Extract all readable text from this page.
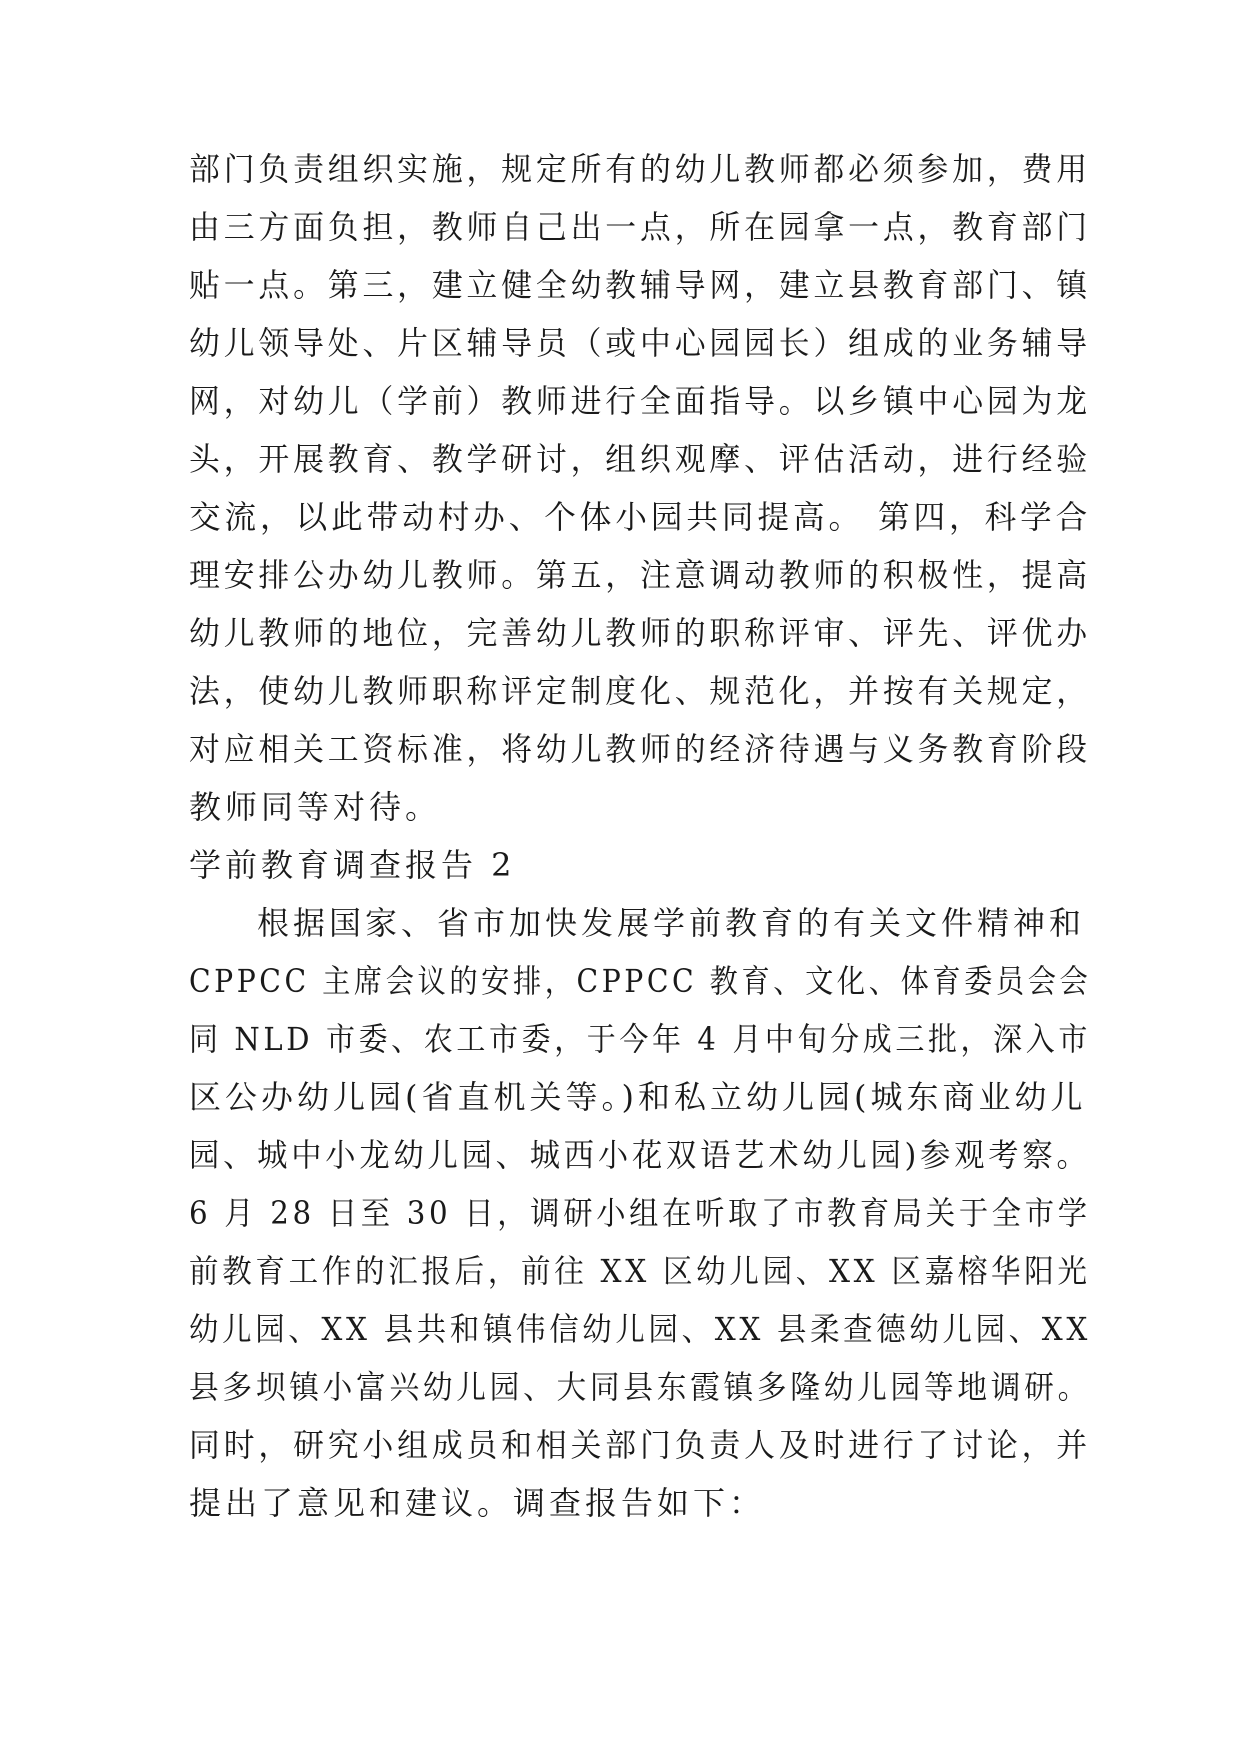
部门负责组织实施，规定所有的幼儿教师都必须参加，费用
由三方面负担，教师自己出一点，所在园拿一点，教育部门
贴一点。第三，建立健全幼教辅导网，建立县教育部门、镇
幼儿领导处、片区辅导员（或中心园园长）组成的业务辅导
网，对幼儿（学前）教师进行全面指导。以乡镇中心园为龙
头，开展教育、教学研讨，组织观摩、评估活动，进行经验
交流，以此带动村办、个体小园共同提高。 第四，科学合
理安排公办幼儿教师。第五，注意调动教师的积极性，提高
幼儿教师的地位，完善幼儿教师的职称评审、评先、评优办
法，使幼儿教师职称评定制度化、规范化，并按有关规定，
对应相关工资标准，将幼儿教师的经济待遇与义务教育阶段
教师同等对待。
学前教育调查报告 2
根据国家、省市加快发展学前教育的有关文件精神和
CPPCC 主席会议的安排，CPPCC 教育、文化、体育委员会会
同 NLD 市委、农工市委，于今年 4 月中旬分成三批，深入市
区公办幼儿园(省直机关等。)和私立幼儿园(城东商业幼儿
园、城中小龙幼儿园、城西小花双语艺术幼儿园)参观考察。
6 月 28 日至 30 日，调研小组在听取了市教育局关于全市学
前教育工作的汇报后，前往 XX 区幼儿园、XX 区嘉榕华阳光
幼儿园、XX 县共和镇伟信幼儿园、XX 县柔查德幼儿园、XX
县多坝镇小富兴幼儿园、大同县东霞镇多隆幼儿园等地调研。
同时，研究小组成员和相关部门负责人及时进行了讨论，并
提出了意见和建议。调查报告如下：
